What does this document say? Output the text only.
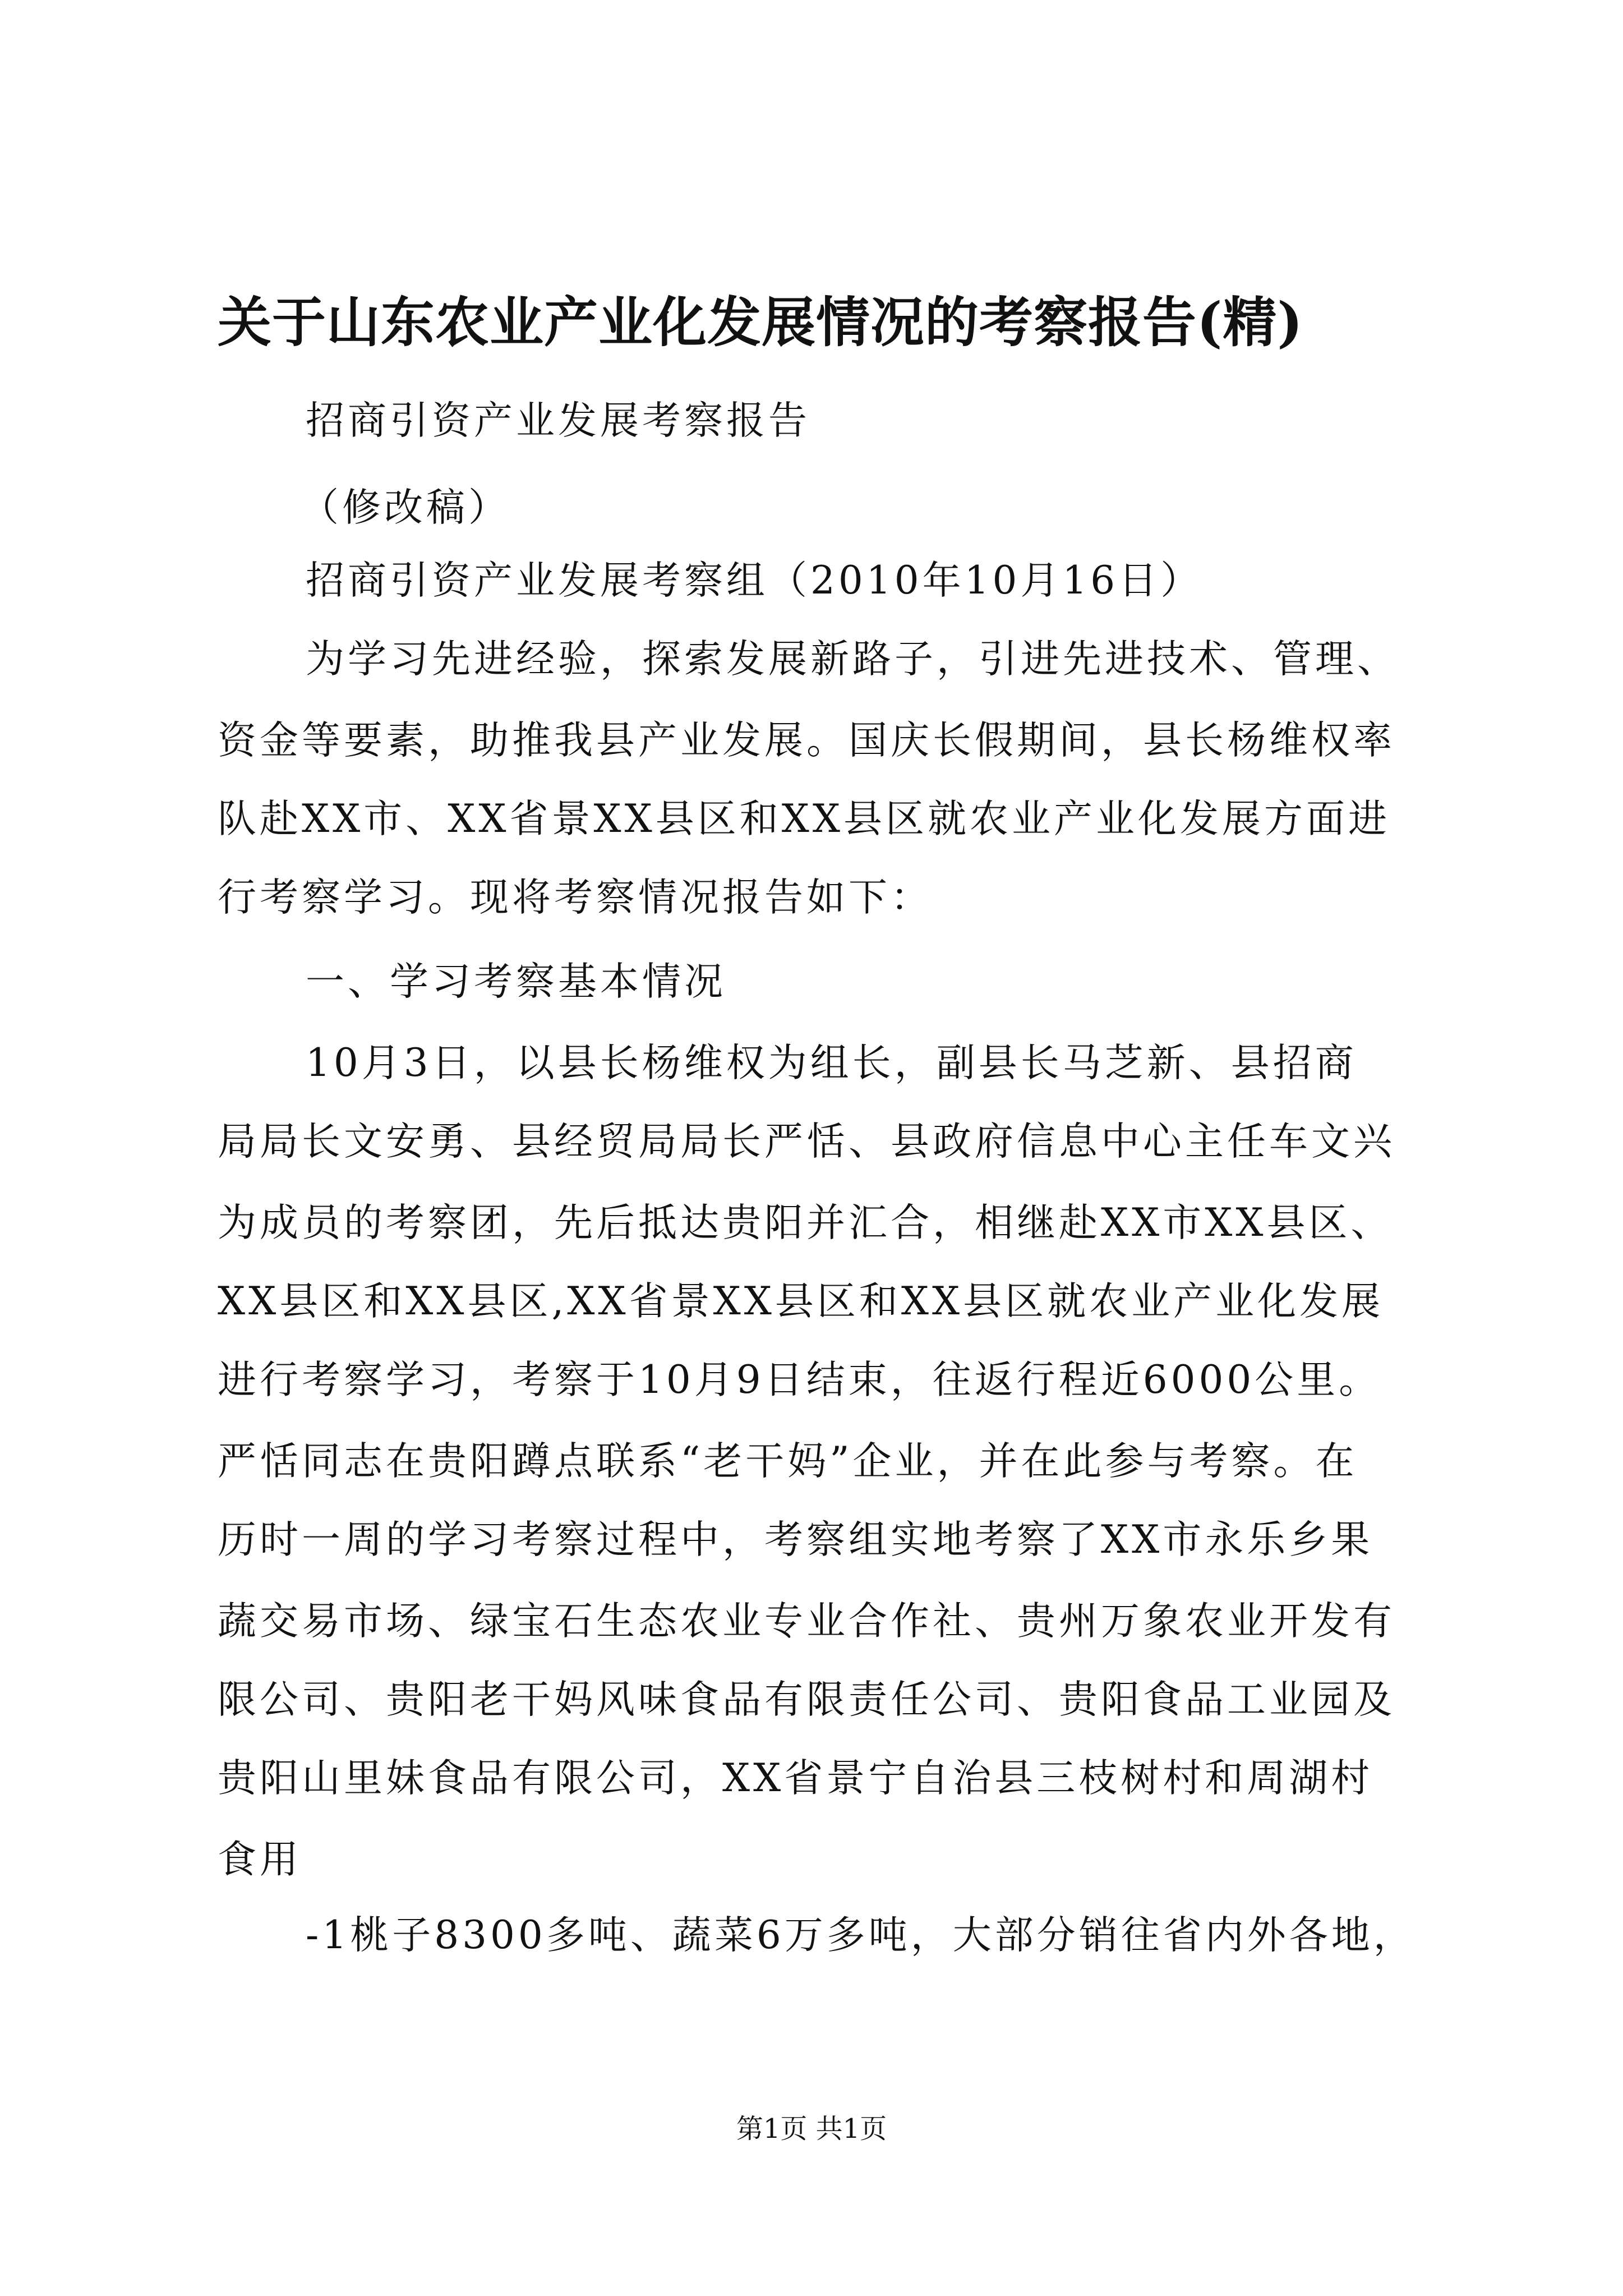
关于山东农业产业化发展情况的考察报告(精)
招商引资产业发展考察报告
（修改稿）
招商引资产业发展考察组（2010年10月16日）
为学习先进经验，探索发展新路子，引进先进技术、管理、
资金等要素，助推我县产业发展。国庆长假期间，县长杨维权率
队赴XX市、XX省景XX县区和XX县区就农业产业化发展方面进
行考察学习。现将考察情况报告如下：
一、学习考察基本情况
10月3日，以县长杨维权为组长，副县长马芝新、县招商
局局长文安勇、县经贸局局长严恬、县政府信息中心主任车文兴
为成员的考察团，先后抵达贵阳并汇合，相继赴XX市XX县区、
XX县区和XX县区,XX省景XX县区和XX县区就农业产业化发展
进行考察学习，考察于10月9日结束，往返行程近6000公里。
严恬同志在贵阳蹲点联系“老干妈”企业，并在此参与考察。在
历时一周的学习考察过程中，考察组实地考察了XX市永乐乡果
蔬交易市场、绿宝石生态农业专业合作社、贵州万象农业开发有
限公司、贵阳老干妈风味食品有限责任公司、贵阳食品工业园及
贵阳山里妹食品有限公司，XX省景宁自治县三枝树村和周湖村
食用
-1桃子8300多吨、蔬菜6万多吨，大部分销往省内外各地，
第1页 共1页
